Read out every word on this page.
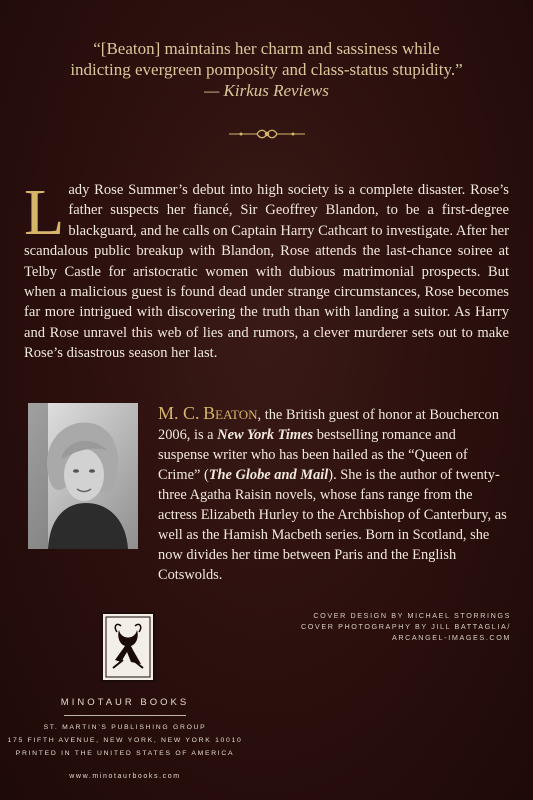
“[Beaton] maintains her charm and sassiness while
indicting evergreen pomposity and class-status stupidity.”
— Kirkus Reviews
Lady Rose Summer’s debut into high society is a complete disaster. Rose’s father suspects her fiancé, Sir Geoffrey Blandon, to be a first-degree blackguard, and he calls on Captain Harry Cathcart to investigate. After her scandalous public breakup with Blandon, Rose attends the last-chance soiree at Telby Castle for aristocratic women with dubious matrimonial prospects. But when a malicious guest is found dead under strange circumstances, Rose becomes far more intrigued with discovering the truth than with landing a suitor. As Harry and Rose unravel this web of lies and rumors, a clever murderer sets out to make Rose’s disastrous season her last.
M. C. Beaton, the British guest of honor at Bouchercon 2006, is a New York Times bestselling romance and suspense writer who has been hailed as the “Queen of Crime” (The Globe and Mail). She is the author of twenty-three Agatha Raisin novels, whose fans range from the actress Elizabeth Hurley to the Archbishop of Canterbury, as well as the Hamish Macbeth series. Born in Scotland, she now divides her time between Paris and the English Cotswolds.
COVER DESIGN BY MICHAEL STORRINGS
COVER PHOTOGRAPHY BY JILL BATTAGLIA/
ARCANGEL-IMAGES.COM
MINOTAUR BOOKS
ST. MARTIN’S PUBLISHING GROUP
175 FIFTH AVENUE, NEW YORK, NEW YORK 10010
PRINTED IN THE UNITED STATES OF AMERICA
www.minotaurbooks.com
